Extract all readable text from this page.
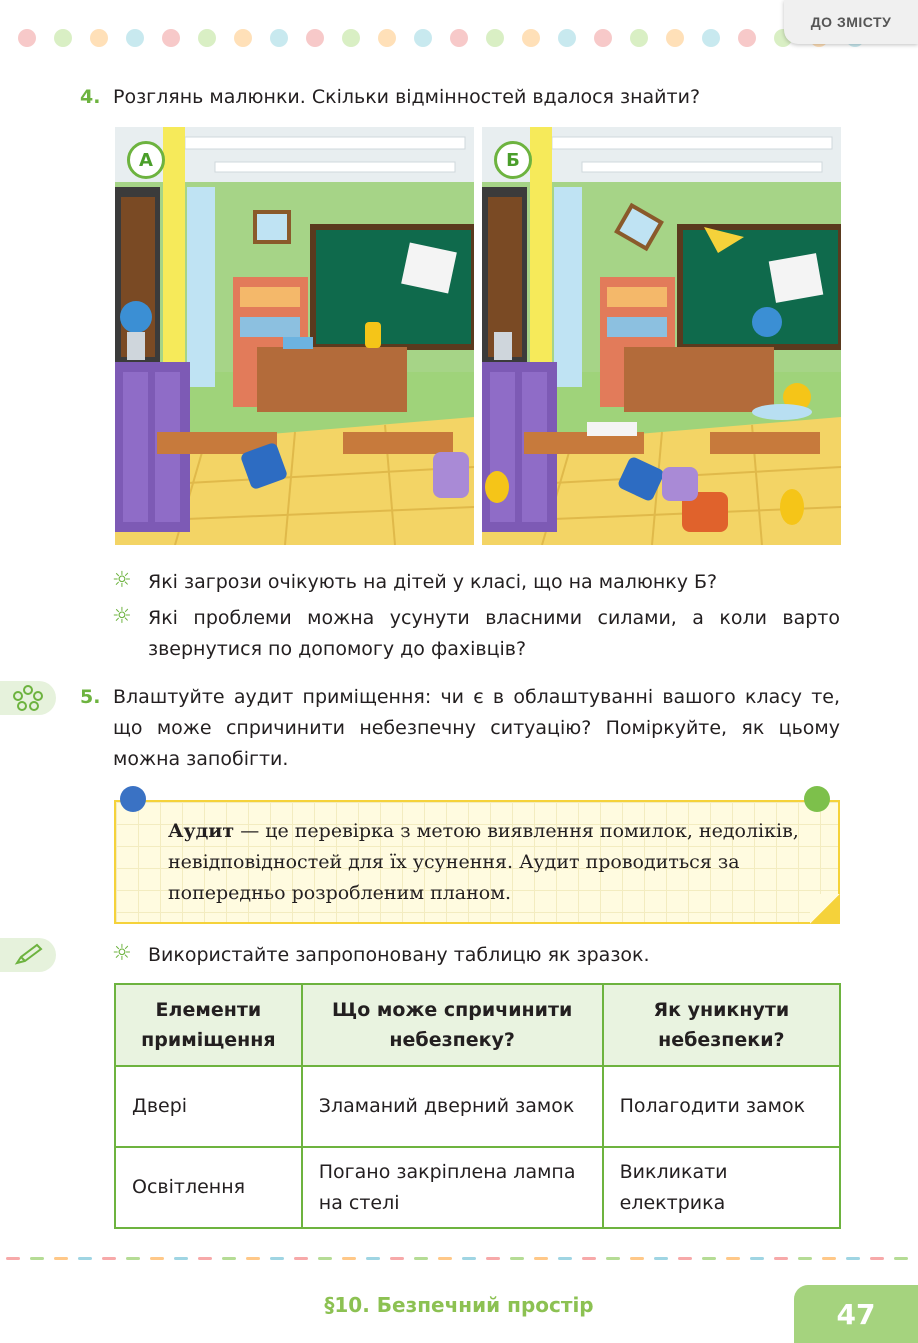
ДО ЗМІСТУ
4. Розглянь малюнки. Скільки відмінностей вдалося знайти?
А	Б
☼ Які загрози очікують на дітей у класі, що на малюнку Б?
☼ Які проблеми можна усунути власними силами, а коли варто звернутися по допомогу до фахівців?
5. Влаштуйте аудит приміщення: чи є в облаштуванні вашого класу те, що може спричинити небезпечну ситуацію? Поміркуйте, як цьому можна запобігти.
Аудит — це перевірка з метою виявлення помилок, недоліків, невідповідностей для їх усунення. Аудит проводиться за попередньо розробленим планом.
☼ Використайте запропоновану таблицю як зразок.
Елементи приміщення	Що може спричинити небезпеку?	Як уникнути небезпеки?
Двері	Зламаний дверний замок	Полагодити замок
Освітлення	Погано закріплена лампа на стелі	Викликати електрика
§10. Безпечний простір	47
